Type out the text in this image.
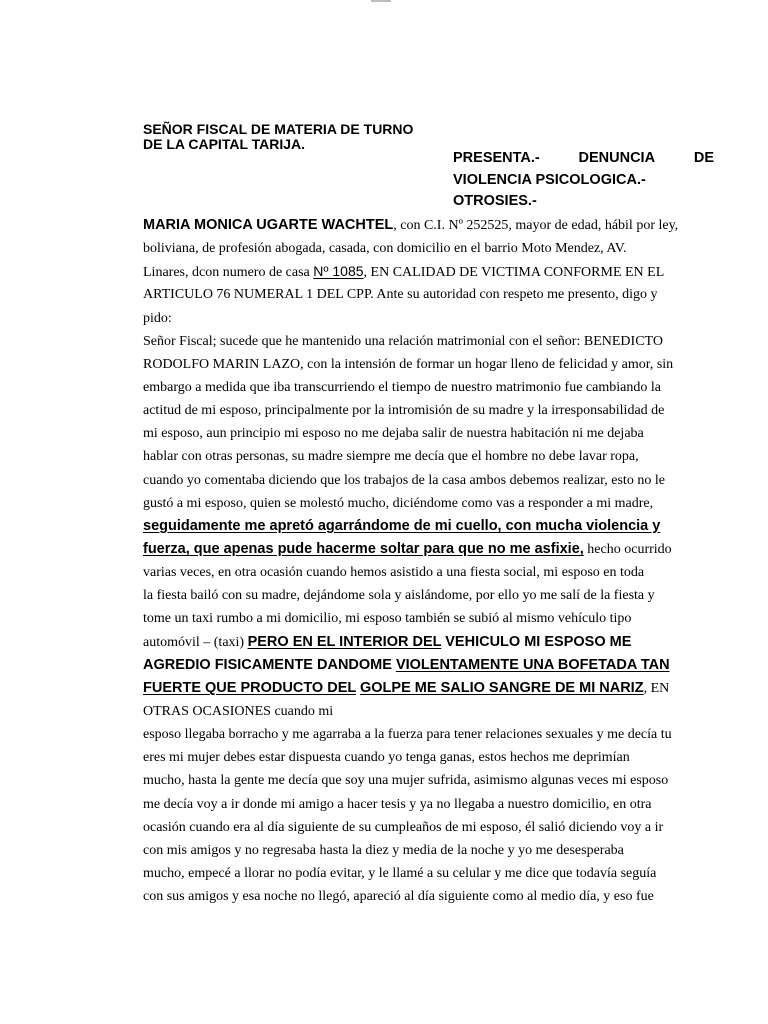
SEÑOR FISCAL DE MATERIA DE TURNO
DE LA CAPITAL TARIJA.
PRESENTA.-	DENUNCIA	DE
VIOLENCIA PSICOLOGICA.-
OTROSIES.-
MARIA MONICA UGARTE WACHTEL, con C.I. Nº 252525, mayor de edad, hábil por ley,
boliviana, de profesión abogada, casada, con domicilio en el barrio Moto Mendez, AV.
Linares, dcon numero de casa Nº 1085, EN CALIDAD DE VICTIMA CONFORME EN EL
ARTICULO 76 NUMERAL 1 DEL CPP. Ante su autoridad con respeto me presento, digo y
pido:
Señor Fiscal; sucede que he mantenido una relación matrimonial con el señor: BENEDICTO
RODOLFO MARIN LAZO, con la intensión de formar un hogar lleno de felicidad y amor, sin
embargo a medida que iba transcurriendo el tiempo de nuestro matrimonio fue cambiando la
actitud de mi esposo, principalmente por la intromisión de su madre y la irresponsabilidad de
mi esposo, aun principio mi esposo no me dejaba salir de nuestra habitación ni me dejaba
hablar con otras personas, su madre siempre me decía que el hombre no debe lavar ropa,
cuando yo comentaba diciendo que los trabajos de la casa ambos debemos realizar, esto no le
gustó a mi esposo, quien se molestó mucho, diciéndome como vas a responder a mi madre,
seguidamente me apretó agarrándome de mi cuello, con mucha violencia y
fuerza, que apenas pude hacerme soltar para que no me asfixie, hecho ocurrido
varias veces, en otra ocasión cuando hemos asistido a una fiesta social, mi esposo en toda
la fiesta bailó con su madre, dejándome sola y aislándome, por ello yo me salí de la fiesta y
tome un taxi rumbo a mi domicilio, mi esposo también se subió al mismo vehículo tipo
automóvil – (taxi) PERO EN EL INTERIOR DEL VEHICULO MI ESPOSO ME
AGREDIO FISICAMENTE DANDOME VIOLENTAMENTE UNA BOFETADA TAN
FUERTE QUE PRODUCTO DEL GOLPE ME SALIO SANGRE DE MI NARIZ, EN
OTRAS OCASIONES cuando mi
esposo llegaba borracho y me agarraba a la fuerza para tener relaciones sexuales y me decía tu
eres mi mujer debes estar dispuesta cuando yo tenga ganas, estos hechos me deprimían
mucho, hasta la gente me decía que soy una mujer sufrida, asimismo algunas veces mi esposo
me decía voy a ir donde mi amigo a hacer tesis y ya no llegaba a nuestro domicilio, en otra
ocasión cuando era al día siguiente de su cumpleaños de mi esposo, él salió diciendo voy a ir
con mis amigos y no regresaba hasta la diez y media de la noche y yo me desesperaba
mucho, empecé a llorar no podía evitar, y le llamé a su celular y me dice que todavía seguía
con sus amigos y esa noche no llegó, apareció al día siguiente como al medio día, y eso fue
